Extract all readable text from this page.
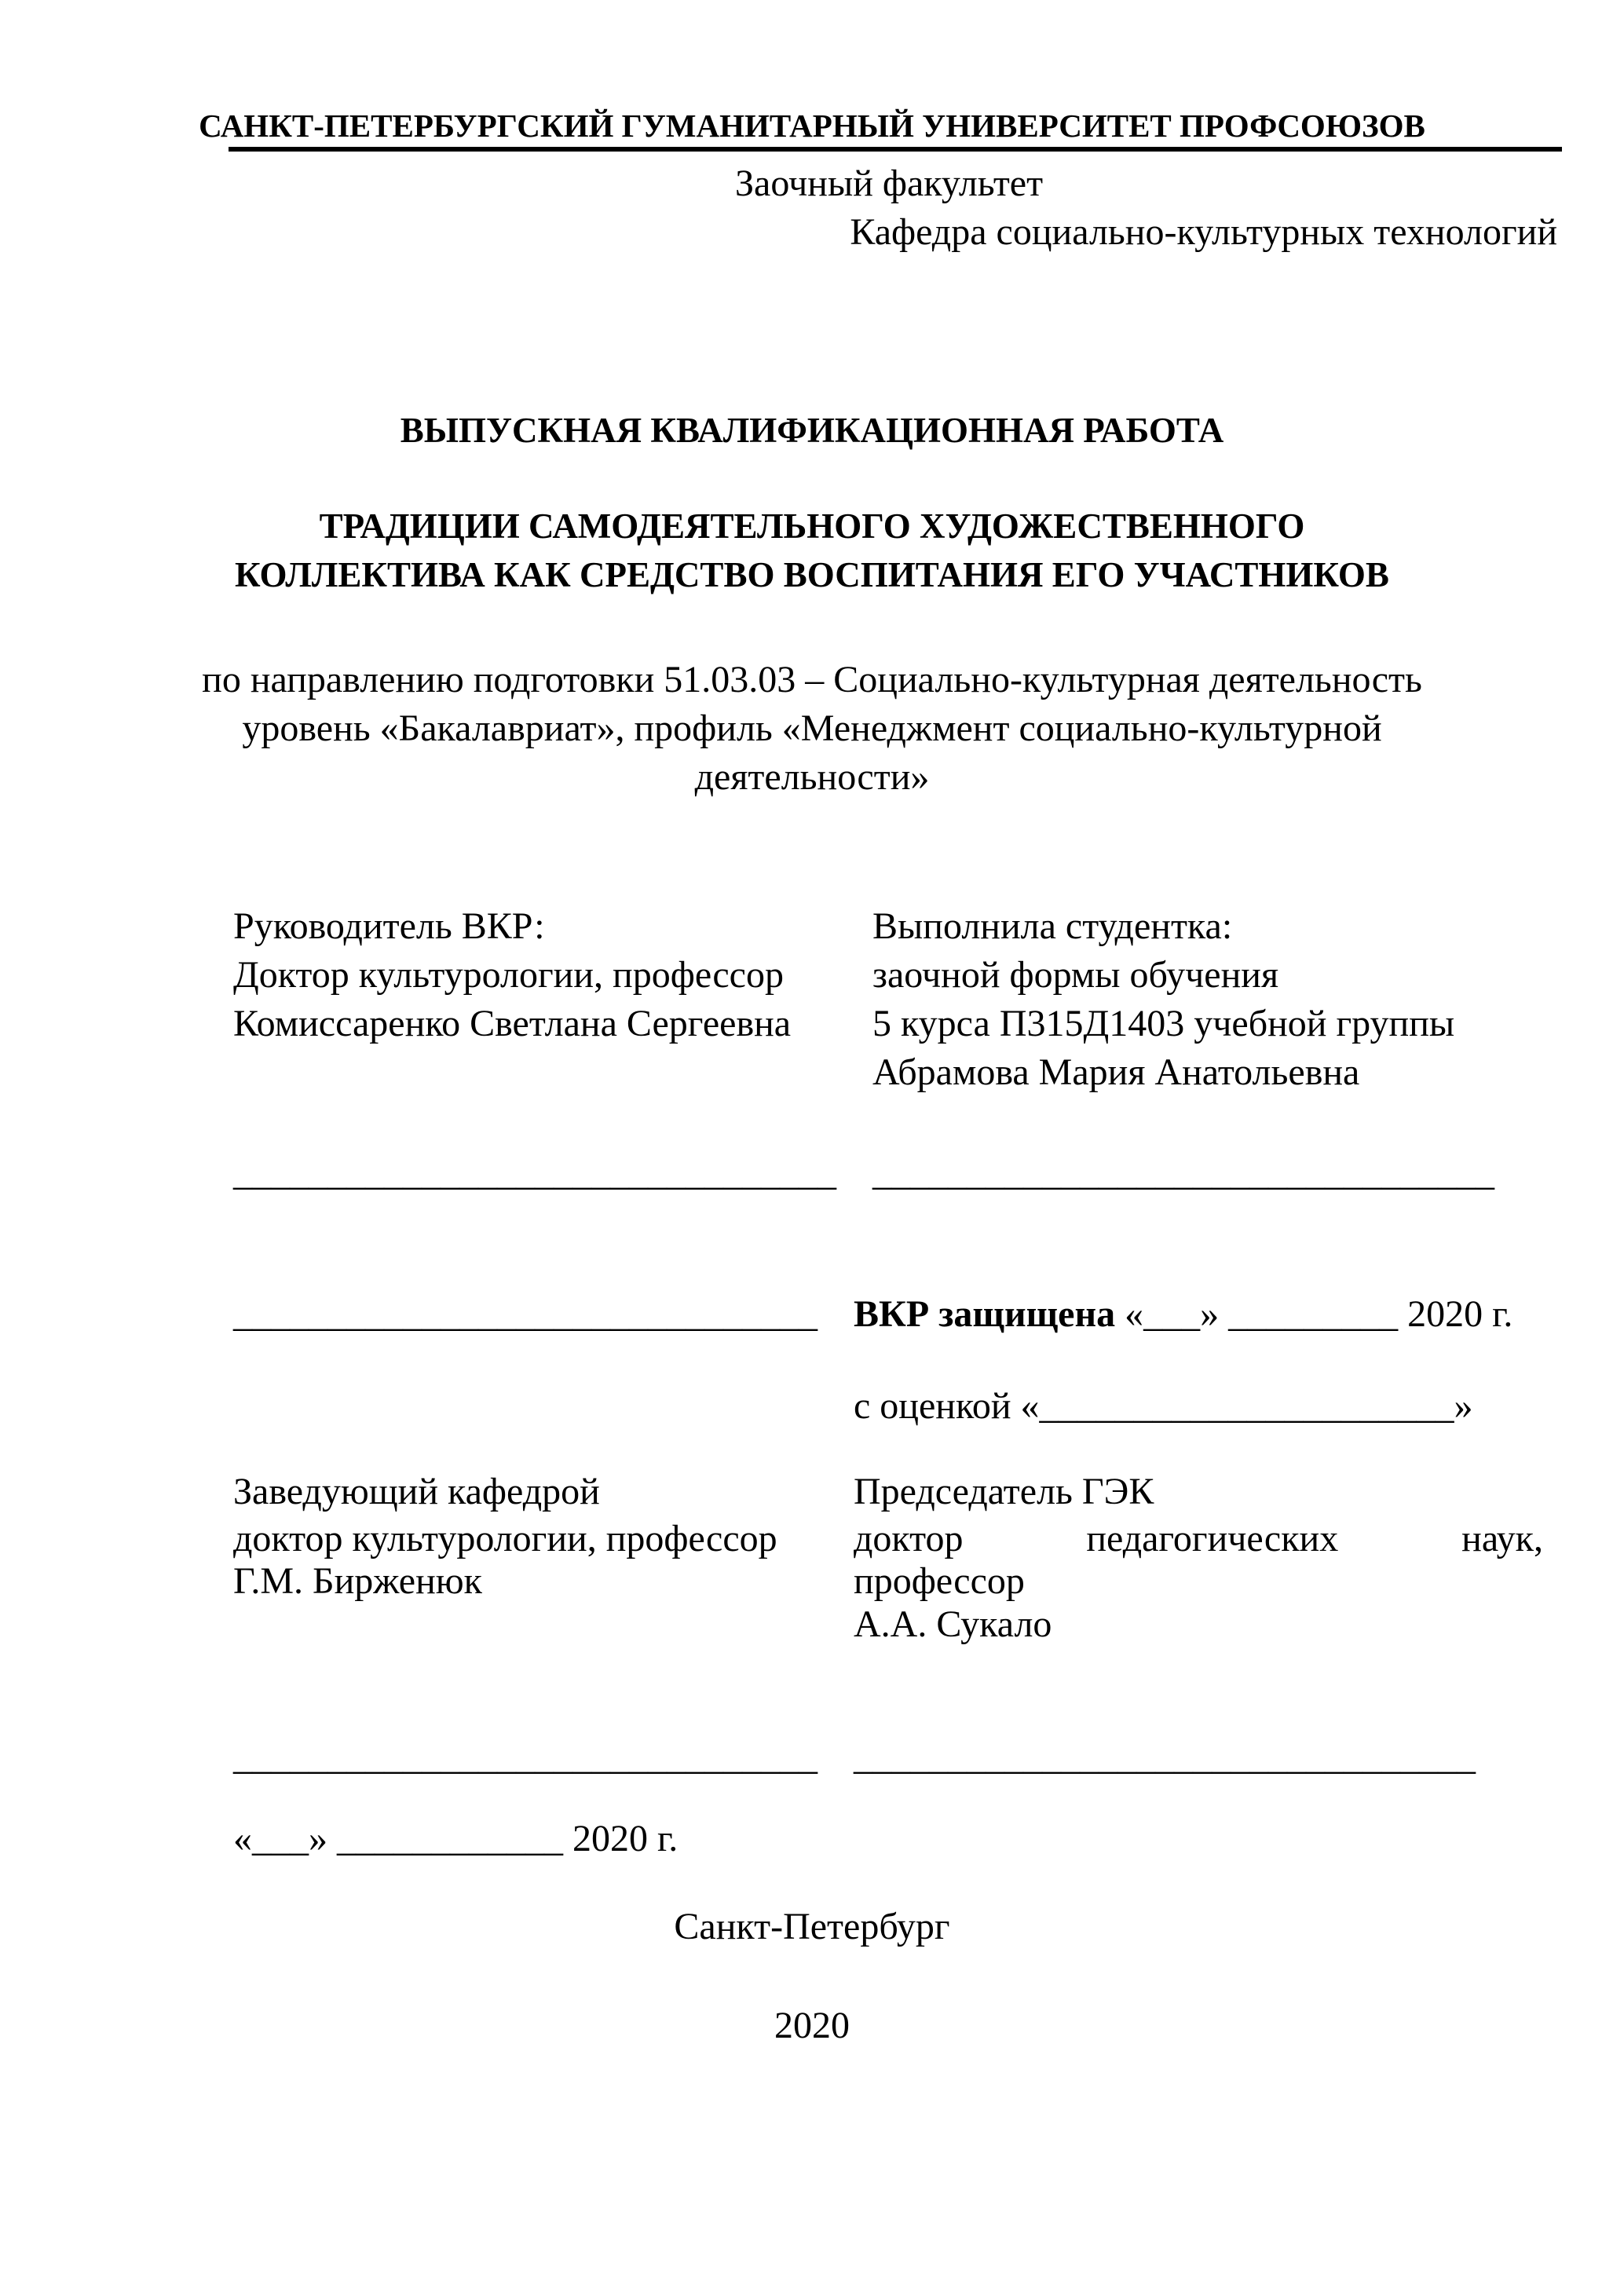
САНКТ-ПЕТЕРБУРГСКИЙ ГУМАНИТАРНЫЙ УНИВЕРСИТЕТ ПРОФСОЮЗОВ
Заочный факультет
Кафедра социально-культурных технологий
ВЫПУСКНАЯ КВАЛИФИКАЦИОННАЯ РАБОТА
ТРАДИЦИИ САМОДЕЯТЕЛЬНОГО ХУДОЖЕСТВЕННОГО
КОЛЛЕКТИВА КАК СРЕДСТВО ВОСПИТАНИЯ ЕГО УЧАСТНИКОВ
по направлению подготовки 51.03.03 – Социально-культурная деятельность
уровень «Бакалавриат», профиль «Менеджмент социально-культурной
деятельности»
Руководитель ВКР:
Доктор культурологии, профессор
Комиссаренко Светлана Сергеевна
________________________________
Выполнила студентка:
заочной формы обучения
5 курса П315Д1403 учебной группы
Абрамова Мария Анатольевна
_________________________________
_______________________________ ВКР защищена «___» _________ 2020 г.
с оценкой «______________________»
Заведующий кафедрой
доктор культурологии, профессор
Г.М. Бирженюк
_______________________________
«___» ____________ 2020 г.
Председатель ГЭК
доктор педагогических наук,
профессор
А.А. Сукало
_________________________________
Санкт-Петербург
2020
